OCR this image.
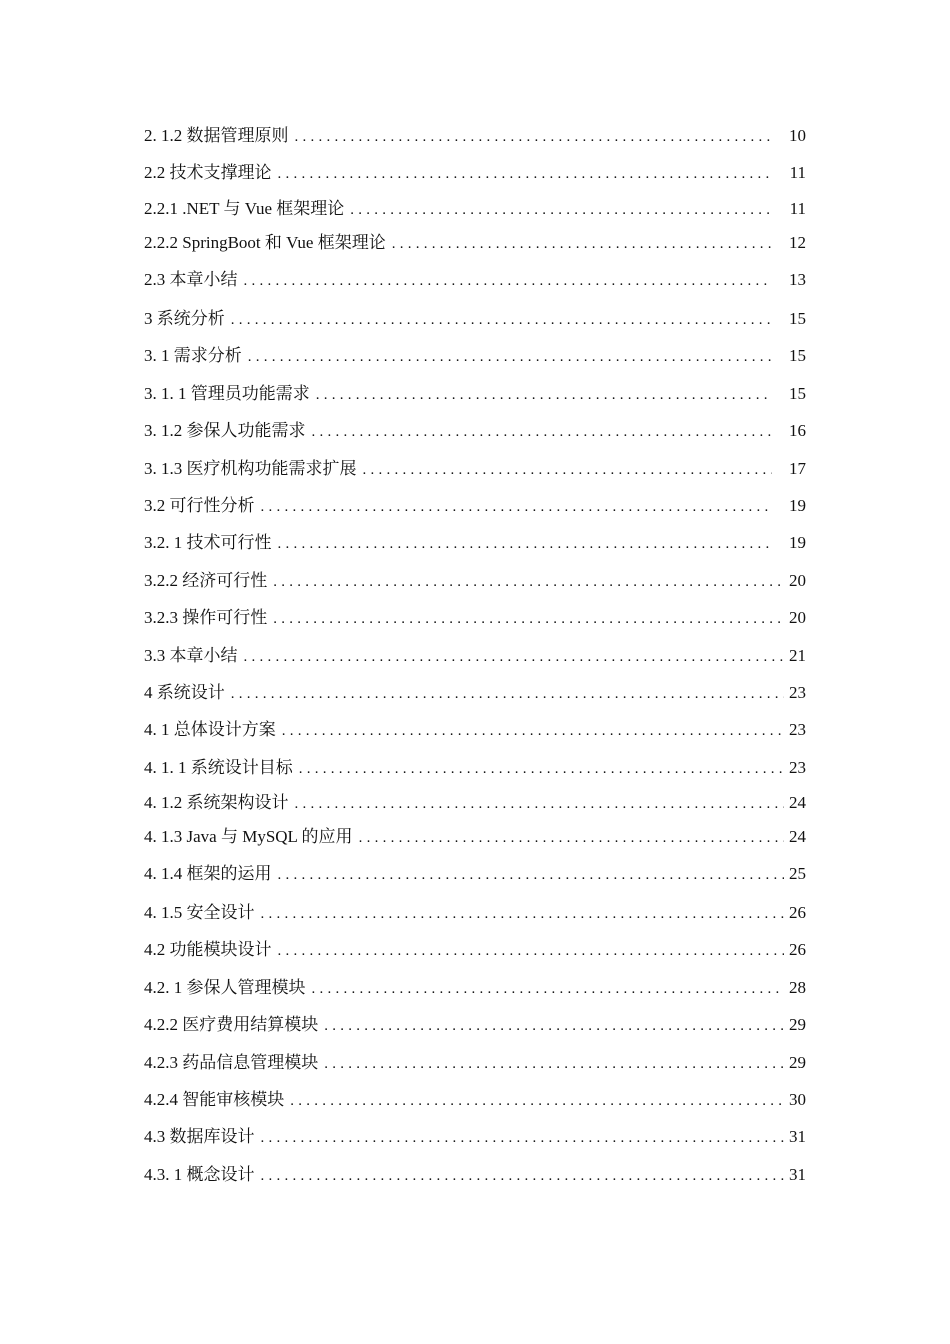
2. 1.2 数据管理原则 . . .	10
2.2 技术支撑理论 . . .	11
2.2.1 .NET 与 Vue 框架理论 . . .	11
2.2.2 SpringBoot 和 Vue 框架理论 . . .	12
2.3 本章小结 . . .	13
3 系统分析 . . .	15
3. 1 需求分析 . . .	15
3. 1. 1 管理员功能需求 . . .	15
3. 1.2 参保人功能需求 . . .	16
3. 1.3 医疗机构功能需求扩展 . . .	17
3.2 可行性分析 . . .	19
3.2. 1 技术可行性 . . .	19
3.2.2 经济可行性 . . .	20
3.2.3 操作可行性 . . .	20
3.3 本章小结 . . .	21
4 系统设计 . . .	23
4. 1 总体设计方案 . . .	23
4. 1. 1 系统设计目标 . . .	23
4. 1.2 系统架构设计 . . .	24
4. 1.3 Java 与 MySQL 的应用 . . .	24
4. 1.4 框架的运用 . . .	25
4. 1.5 安全设计 . . .	26
4.2 功能模块设计 . . .	26
4.2. 1 参保人管理模块 . . .	28
4.2.2 医疗费用结算模块 . . .	29
4.2.3 药品信息管理模块 . . .	29
4.2.4 智能审核模块 . . .	30
4.3 数据库设计 . . .	31
4.3. 1 概念设计 . . .	31
